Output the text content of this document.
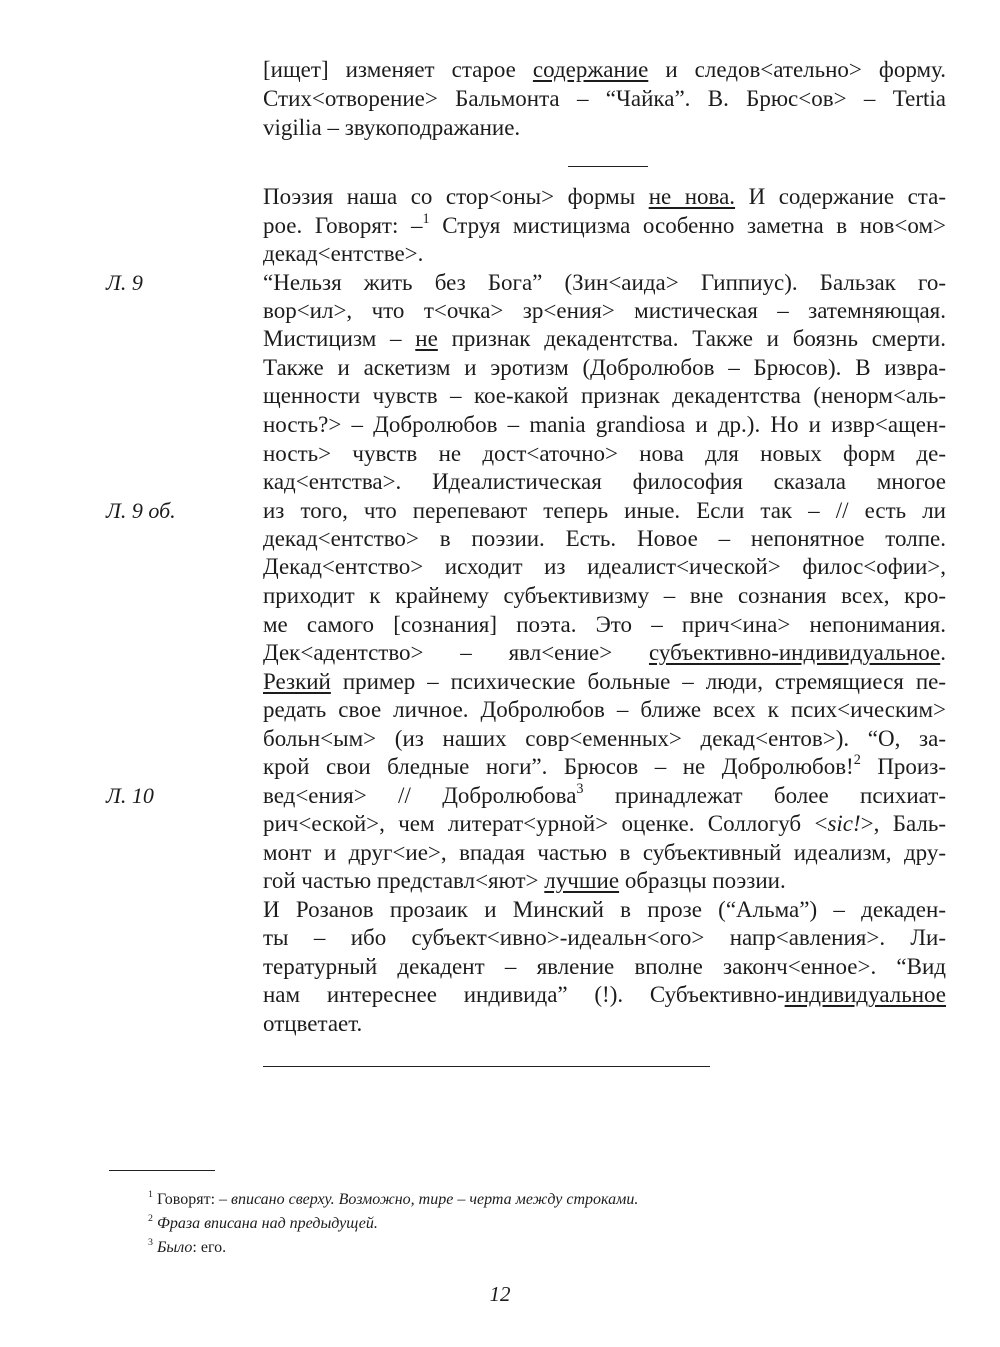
[ищет] изменяет старое содержание и следов<ательно> форму.
Стих<отворение> Бальмонта – “Чайка”. В. Брюс<ов> – Tertia
vigilia – звукоподражание.
Поэзия наша со стор<оны> формы не нова. И содержание ста-
рое. Говорят: –$^1$ Струя мистицизма особенно заметна в нов<ом>
декад<ентстве>.
“Нельзя жить без Бога” (Зин<аида> Гиппиус). Бальзак го-
вор<ил>, что т<очка> зр<ения> мистическая – затемняющая.
Мистицизм – не признак декадентства. Также и боязнь смерти.
Также и аскетизм и эротизм (Добролюбов – Брюсов). В извра-
щенности чувств – кое-какой признак декадентства (ненорм<аль-
ность?> – Добролюбов – mania grandiosa и др.). Но и извр<ащен-
ность> чувств не дост<аточно> нова для новых форм де-
кад<ентства>. Идеалистическая философия сказала многое
из того, что перепевают теперь иные. Если так – // есть ли
декад<ентство> в поэзии. Есть. Новое – непонятное толпе.
Декад<ентство> исходит из идеалист<ической> филос<офии>,
приходит к крайнему субъективизму – вне сознания всех, кро-
ме самого [сознания] поэта. Это – прич<ина> непонимания.
Дек<адентство> – явл<ение> субъективно-индивидуальное.
Резкий пример – психические больные – люди, стремящиеся пе-
редать свое личное. Добролюбов – ближе всех к псих<ическим>
больн<ым> (из наших совр<еменных> декад<ентов>). “О, за-
крой свои бледные ноги”. Брюсов – не Добролюбов!$^2$ Произ-
вед<ения> // Добролюбова$^3$ принадлежат более психиат-
рич<еской>, чем литерат<урной> оценке. Соллогуб <sic!>, Баль-
монт и друг<ие>, впадая частью в субъективный идеализм, дру-
гой частью представл<яют> лучшие образцы поэзии.
И Розанов прозаик и Минский в прозе (“Альма”) – декаден-
ты – ибо субъект<ивно>-идеальн<ого> напр<авления>. Ли-
тературный декадент – явление вполне законч<енное>. “Вид
нам интереснее индивида” (!). Субъективно-индивидуальное
отцветает.
Л. 9
Л. 9 об.
Л. 10
$^1$ Говорят: – вписано сверху. Возможно, тире – черта между строками.
$^2$ Фраза вписана над предыдущей.
$^3$ Было: его.
12
